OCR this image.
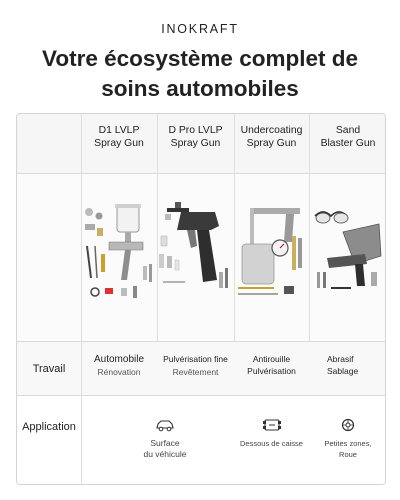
INOKRAFT
Votre écosystème complet de
soins automobiles
D1 LVLP
Spray Gun
D Pro LVLP
Spray Gun
Undercoating
Spray Gun
Sand
Blaster Gun
Travail
Automobile
Rénovation
Pulvérisation fine
Revêtement
Antirouille
Pulvérisation
Abrasif
Sablage
Application
Surface
du véhicule
Dessous de caisse	Petites zones,
Roue
